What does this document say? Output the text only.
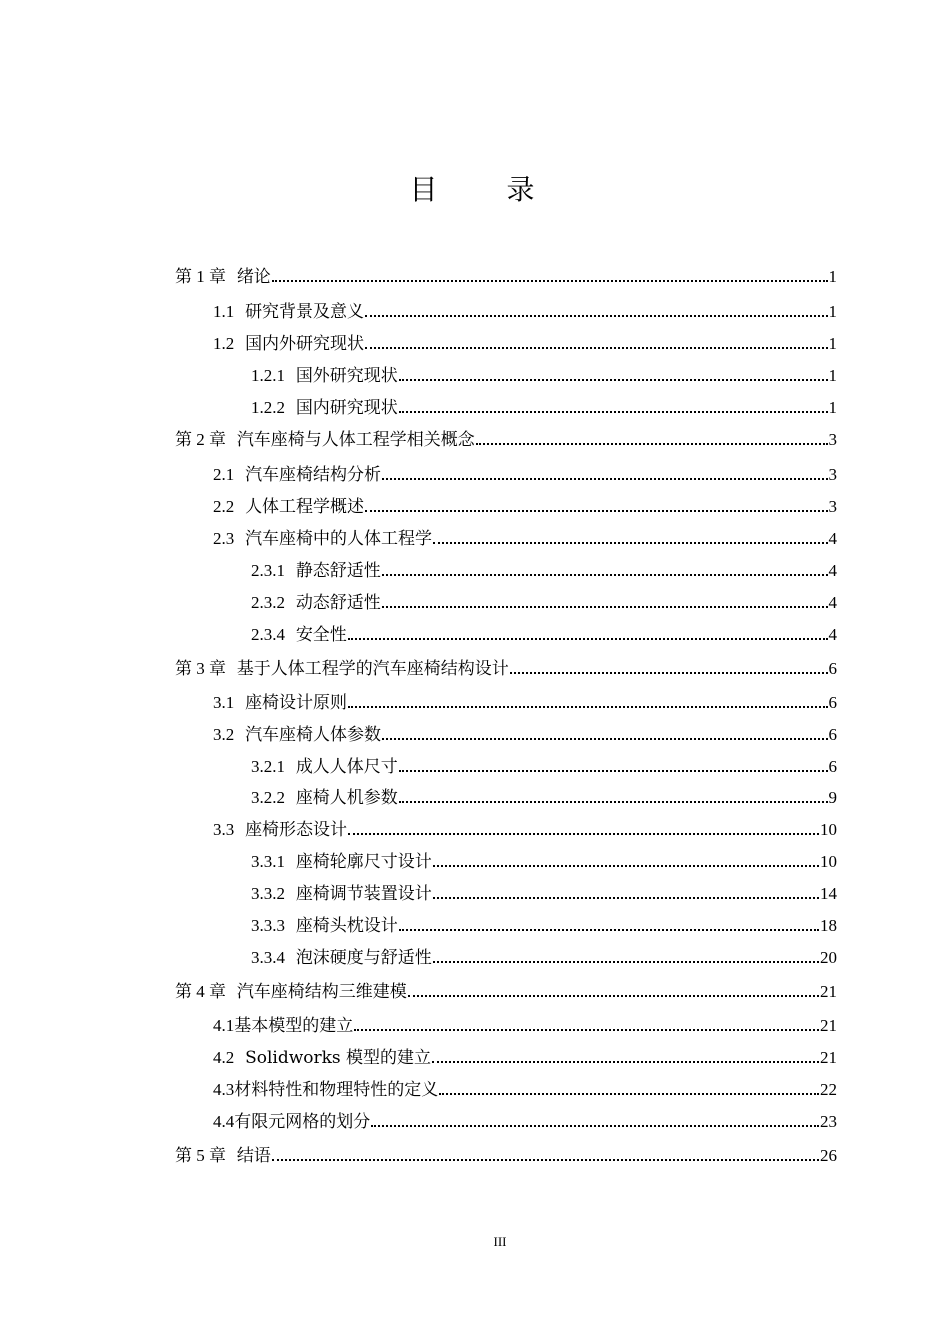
目 录
第 1 章 绪论	1
1.1 研究背景及意义	1
1.2 国内外研究现状	1
1.2.1 国外研究现状	1
1.2.2 国内研究现状	1
第 2 章 汽车座椅与人体工程学相关概念	3
2.1 汽车座椅结构分析	3
2.2 人体工程学概述	3
2.3 汽车座椅中的人体工程学	4
2.3.1 静态舒适性	4
2.3.2 动态舒适性	4
2.3.4 安全性	4
第 3 章 基于人体工程学的汽车座椅结构设计	6
3.1 座椅设计原则	6
3.2 汽车座椅人体参数	6
3.2.1 成人人体尺寸	6
3.2.2 座椅人机参数	9
3.3 座椅形态设计	10
3.3.1 座椅轮廓尺寸设计	10
3.3.2 座椅调节装置设计	14
3.3.3 座椅头枕设计	18
3.3.4 泡沫硬度与舒适性	20
第 4 章 汽车座椅结构三维建模	21
4.1基本模型的建立	21
4.2 Solidworks 模型的建立	21
4.3材料特性和物理特性的定义	22
4.4有限元网格的划分	23
第 5 章 结语	26
III
